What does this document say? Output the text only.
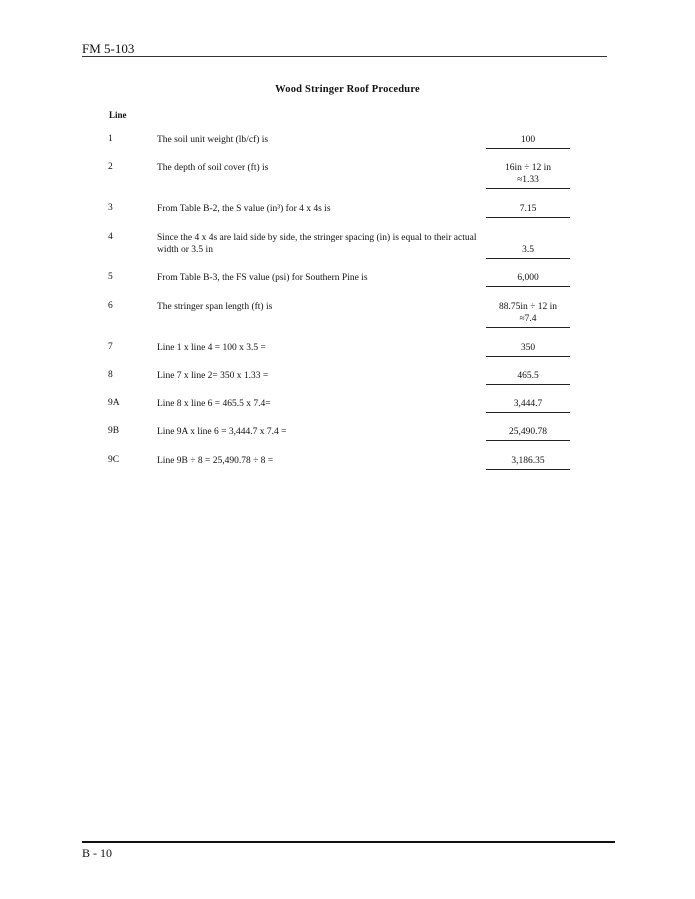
FM 5-103
Wood Stringer Roof Procedure
Line
1	The soil unit weight (lb/cf) is	100
2	The depth of soil cover (ft) is	16in ÷ 12 in
≈1.33
3	From Table B-2, the S value (in³) for 4 x 4s is	7.15
4	Since the 4 x 4s are laid side by side, the stringer spacing (in) is equal to their actual width or 3.5 in	3.5
5	From Table B-3, the FS value (psi) for Southern Pine is	6,000
6	The stringer span length (ft) is	88.75in ÷ 12 in
≈7.4
7	Line 1 x line 4 = 100 x 3.5 =	350
8	Line 7 x line 2= 350 x 1.33 =	465.5
9A	Line 8 x line 6 = 465.5 x 7.4=	3,444.7
9B	Line 9A x line 6 = 3,444.7 x 7.4 =	25,490.78
9C	Line 9B ÷ 8 = 25,490.78 ÷ 8 =	3,186.35
B - 10
